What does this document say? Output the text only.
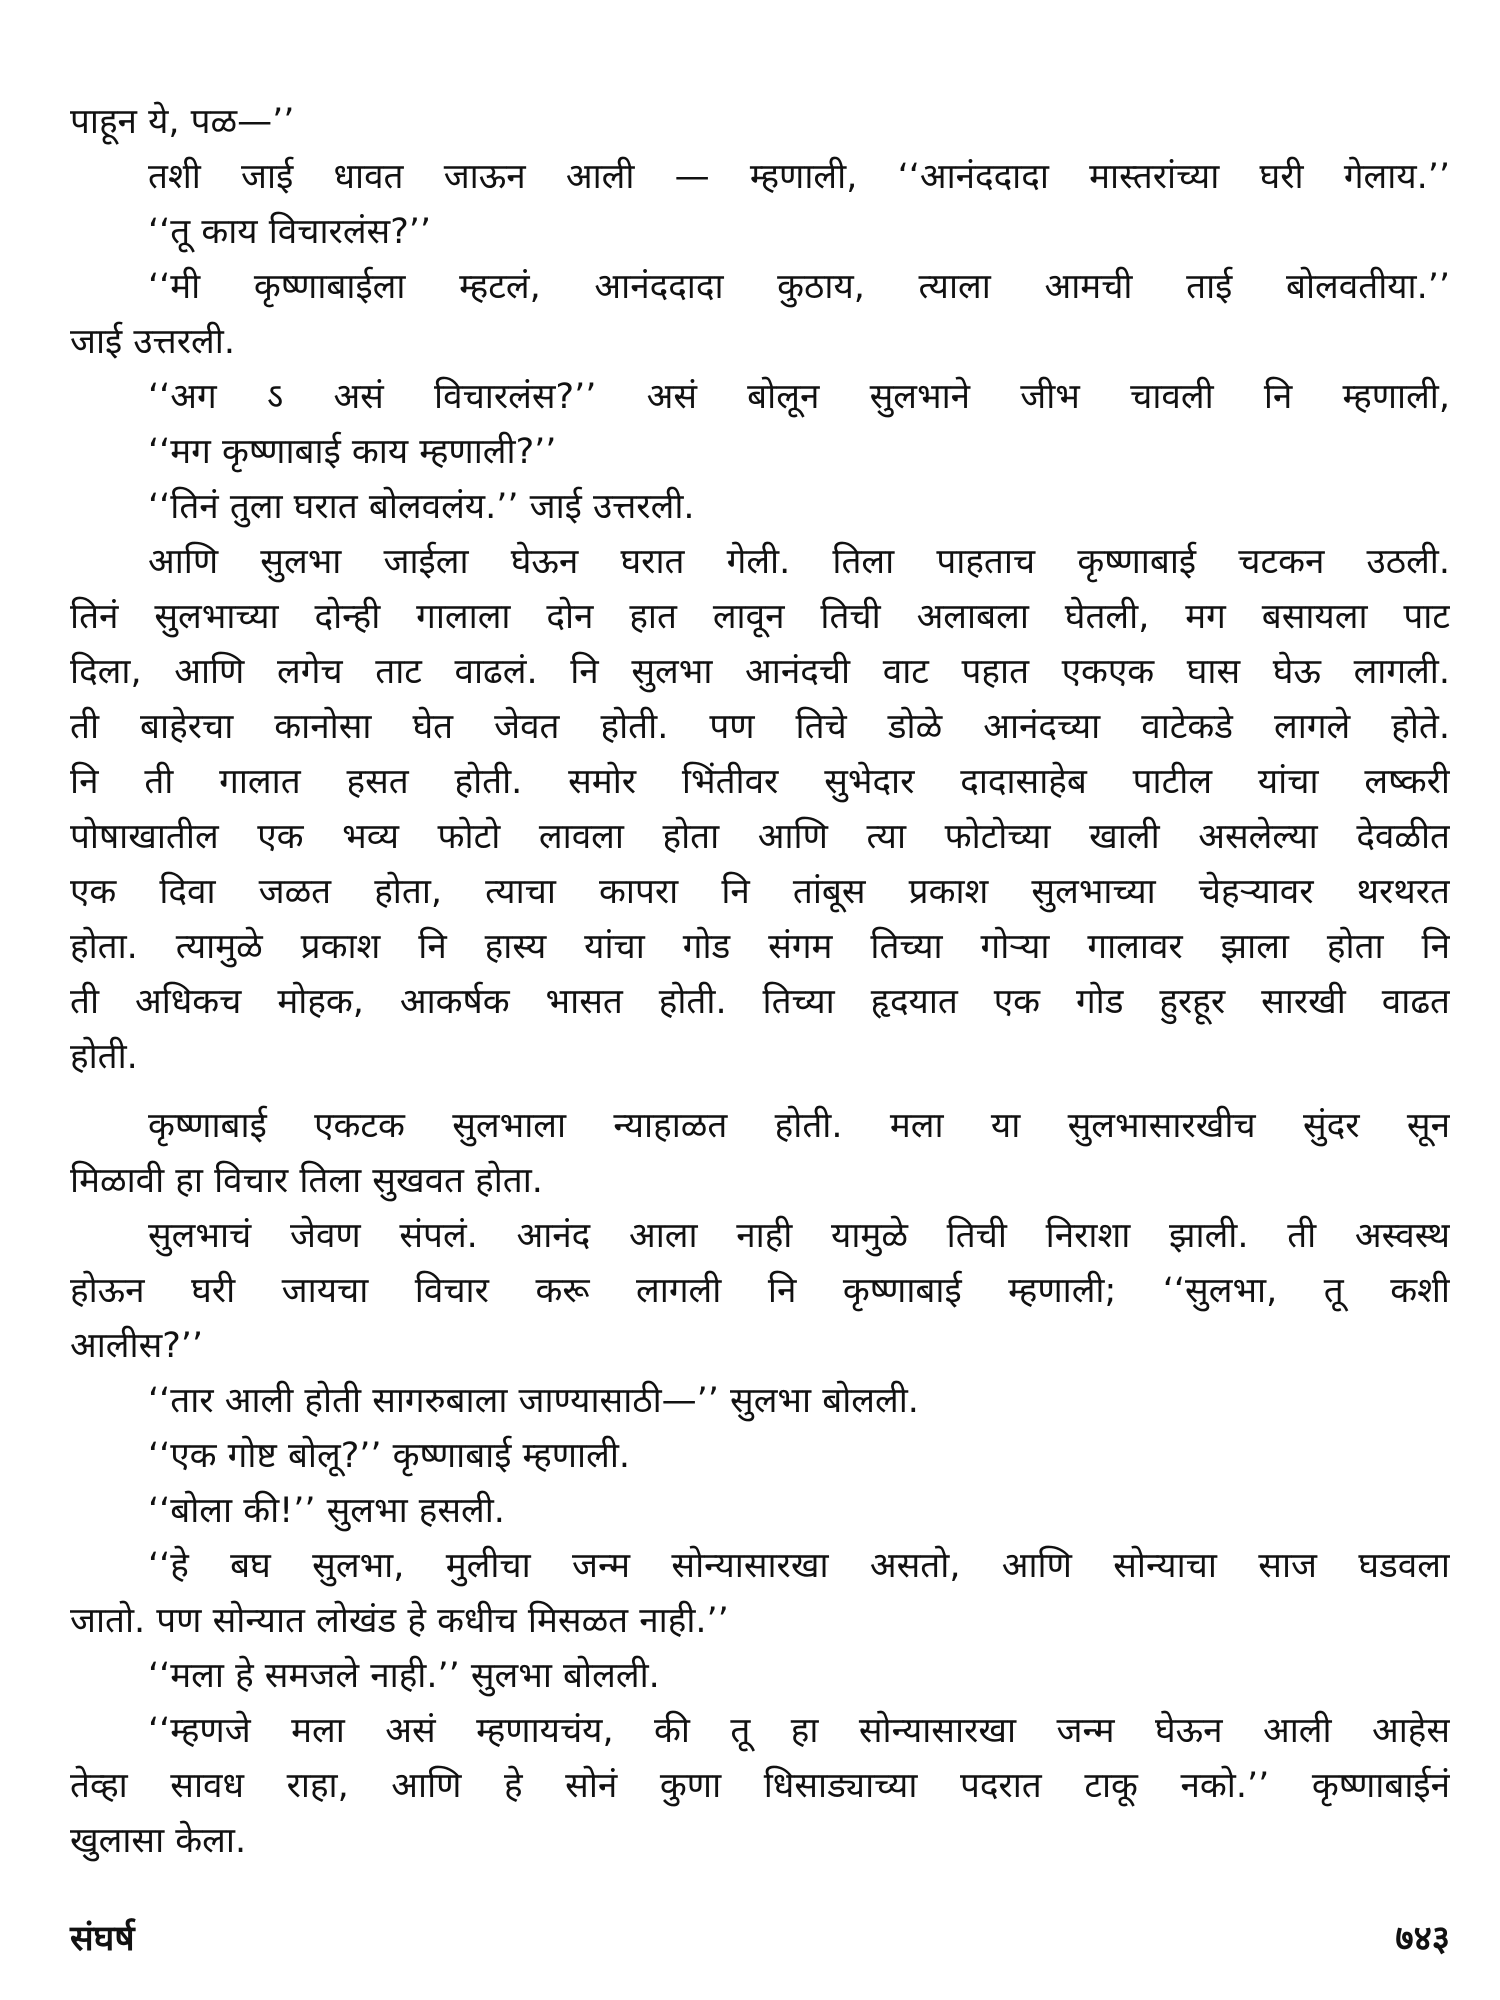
पाहून ये, पळ—’’
तशी जाई धावत जाऊन आली — म्हणाली, ‘‘आनंददादा मास्तरांच्या घरी गेलाय.’’
‘‘तू काय विचारलंस?’’
‘‘मी कृष्णाबाईला म्हटलं, आनंददादा कुठाय, त्याला आमची ताई बोलवतीया.’’
जाई उत्तरली.
‘‘अग ऽ असं विचारलंस?’’ असं बोलून सुलभाने जीभ चावली नि म्हणाली,
‘‘मग कृष्णाबाई काय म्हणाली?’’
‘‘तिनं तुला घरात बोलवलंय.’’ जाई उत्तरली.
आणि सुलभा जाईला घेऊन घरात गेली. तिला पाहताच कृष्णाबाई चटकन उठली.
तिनं सुलभाच्या दोन्ही गालाला दोन हात लावून तिची अलाबला घेतली, मग बसायला पाट
दिला, आणि लगेच ताट वाढलं. नि सुलभा आनंदची वाट पहात एकएक घास घेऊ लागली.
ती बाहेरचा कानोसा घेत जेवत होती. पण तिचे डोळे आनंदच्या वाटेकडे लागले होते.
नि ती गालात हसत होती. समोर भिंतीवर सुभेदार दादासाहेब पाटील यांचा लष्करी
पोषाखातील एक भव्य फोटो लावला होता आणि त्या फोटोच्या खाली असलेल्या देवळीत
एक दिवा जळत होता, त्याचा कापरा नि तांबूस प्रकाश सुलभाच्या चेहऱ्यावर थरथरत
होता. त्यामुळे प्रकाश नि हास्य यांचा गोड संगम तिच्या गोऱ्या गालावर झाला होता नि
ती अधिकच मोहक, आकर्षक भासत होती. तिच्या हृदयात एक गोड हुरहूर सारखी वाढत
होती.
कृष्णाबाई एकटक सुलभाला न्याहाळत होती. मला या सुलभासारखीच सुंदर सून
मिळावी हा विचार तिला सुखवत होता.
सुलभाचं जेवण संपलं. आनंद आला नाही यामुळे तिची निराशा झाली. ती अस्वस्थ
होऊन घरी जायचा विचार करू लागली नि कृष्णाबाई म्हणाली; ‘‘सुलभा, तू कशी
आलीस?’’
‘‘तार आली होती सागरुबाला जाण्यासाठी—’’ सुलभा बोलली.
‘‘एक गोष्ट बोलू?’’ कृष्णाबाई म्हणाली.
‘‘बोला की!’’ सुलभा हसली.
‘‘हे बघ सुलभा, मुलीचा जन्म सोन्यासारखा असतो, आणि सोन्याचा साज घडवला
जातो. पण सोन्यात लोखंड हे कधीच मिसळत नाही.’’
‘‘मला हे समजले नाही.’’ सुलभा बोलली.
‘‘म्हणजे मला असं म्हणायचंय, की तू हा सोन्यासारखा जन्म घेऊन आली आहेस
तेव्हा सावध राहा, आणि हे सोनं कुणा धिसाड्याच्या पदरात टाकू नको.’’ कृष्णाबाईनं
खुलासा केला.
संघर्ष	७४३
